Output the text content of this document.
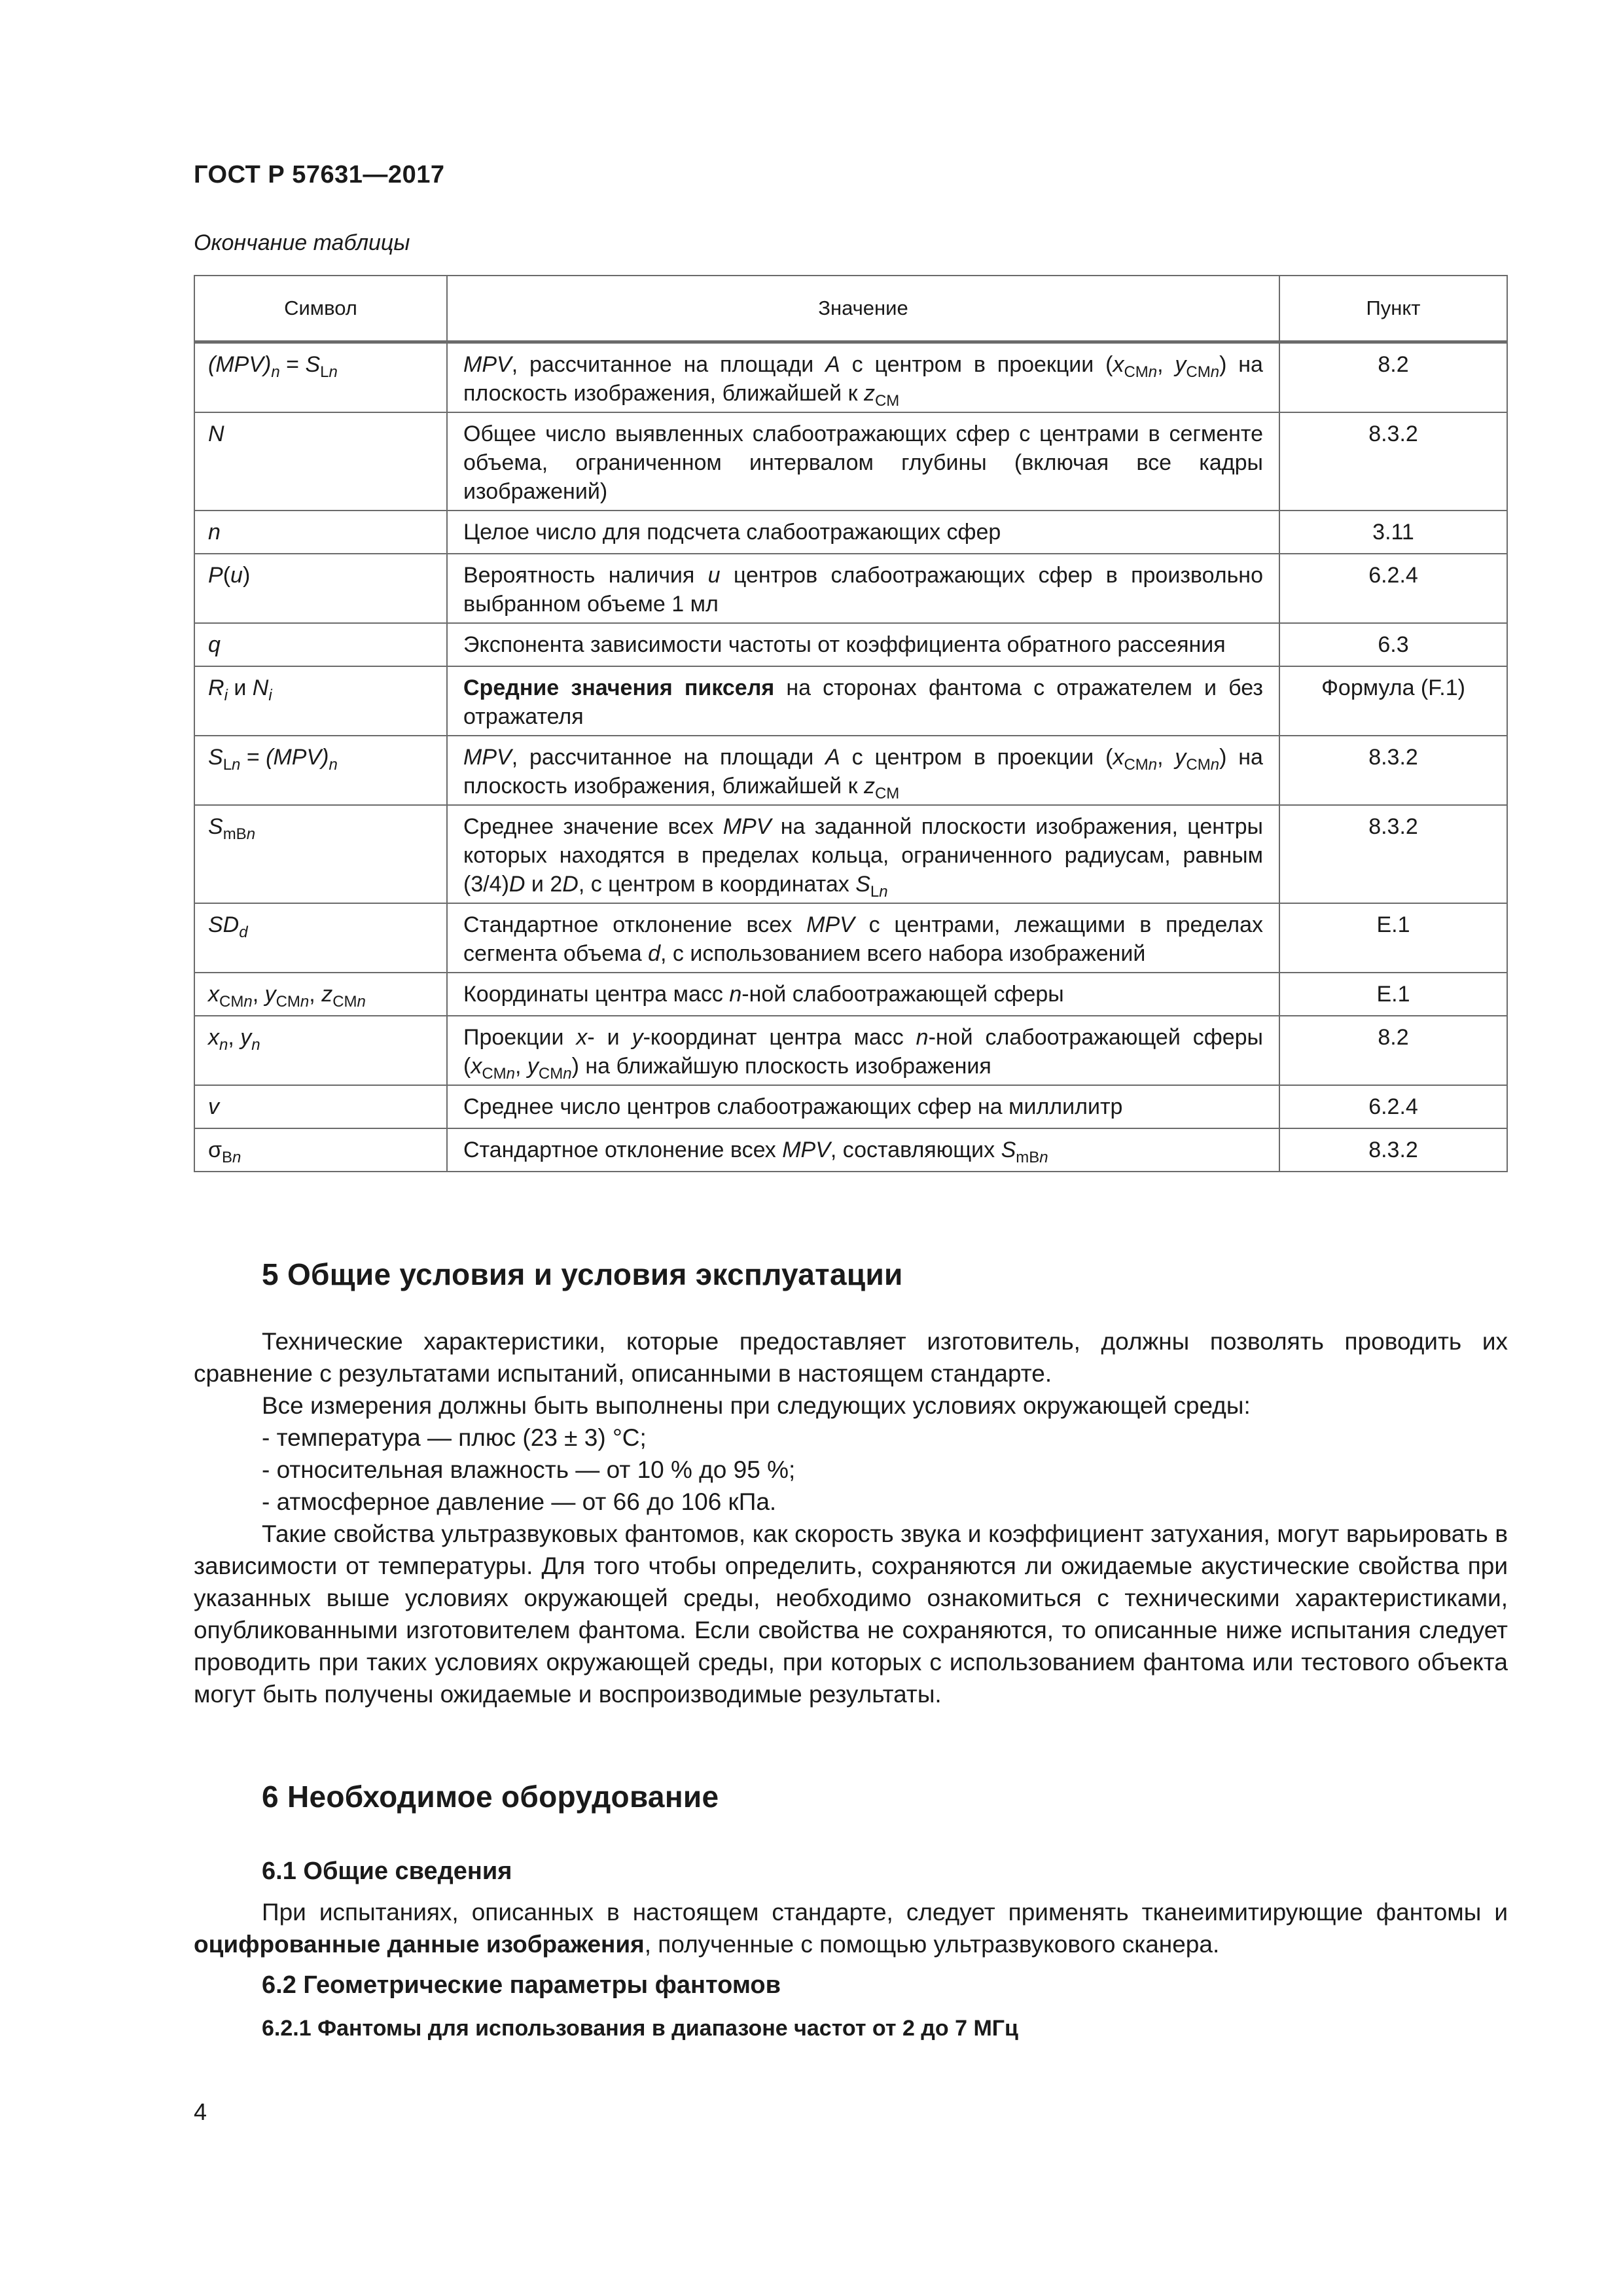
ГОСТ Р 57631—2017
Окончание таблицы
Символ	Значение	Пункт
$(MPV)_n = S_{Ln}$	MPV, рассчитанное на площади А с центром в проекции ($x_{CMn}$, $y_{CMn}$) на плоскость изображения, ближайшей к $z_{CM}$	8.2
N	Общее число выявленных слабоотражающих сфер с центрами в сегменте объема, ограниченном интервалом глубины (включая все кадры изображений)	8.3.2
n	Целое число для подсчета слабоотражающих сфер	3.11
P(u)	Вероятность наличия u центров слабоотражающих сфер в произвольно выбранном объеме 1 мл	6.2.4
q	Экспонента зависимости частоты от коэффициента обратного рассеяния	6.3
$R_i$ и $N_i$	Средние значения пикселя на сторонах фантома с отражателем и без отражателя	Формула (F.1)
$S_{Ln} = (MPV)_n$	MPV, рассчитанное на площади А с центром в проекции ($x_{CMn}$, $y_{CMn}$) на плоскость изображения, ближайшей к $z_{CM}$	8.3.2
$S_{mBn}$	Среднее значение всех MPV на заданной плоскости изображения, центры которых находятся в пределах кольца, ограниченного радиусам, равным (3/4)D и 2D, с центром в координатах $S_{Ln}$	8.3.2
$SD_d$	Стандартное отклонение всех MPV с центрами, лежащими в пределах сегмента объема d, с использованием всего набора изображений	E.1
$x_{CMn}$, $y_{CMn}$, $z_{CMn}$	Координаты центра масс n-ной слабоотражающей сферы	E.1
$x_n$, $y_n$	Проекции x- и y-координат центра масс n-ной слабоотражающей сферы ($x_{CMn}$, $y_{CMn}$) на ближайшую плоскость изображения	8.2
v	Среднее число центров слабоотражающих сфер на миллилитр	6.2.4
$\sigma_{Bn}$	Стандартное отклонение всех MPV, составляющих $S_{mBn}$	8.3.2
5 Общие условия и условия эксплуатации

Технические характеристики, которые предоставляет изготовитель, должны позволять проводить их сравнение с результатами испытаний, описанными в настоящем стандарте.

Все измерения должны быть выполнены при следующих условиях окружающей среды:

- температура — плюс (23 ± 3) °С;

- относительная влажность — от 10 % до 95 %;

- атмосферное давление — от 66 до 106 кПа.

Такие свойства ультразвуковых фантомов, как скорость звука и коэффициент затухания, могут варьировать в зависимости от температуры. Для того чтобы определить, сохраняются ли ожидаемые акустические свойства при указанных выше условиях окружающей среды, необходимо ознакомиться с техническими характеристиками, опубликованными изготовителем фантома. Если свойства не сохраняются, то описанные ниже испытания следует проводить при таких условиях окружающей среды, при которых с использованием фантома или тестового объекта могут быть получены ожидаемые и воспроизводимые результаты.

6 Необходимое оборудование
6.1 Общие сведения

При испытаниях, описанных в настоящем стандарте, следует применять тканеимитирующие фантомы и оцифрованные данные изображения, полученные с помощью ультразвукового сканера.

6.2 Геометрические параметры фантомов
6.2.1 Фантомы для использования в диапазоне частот от 2 до 7 МГц
4
